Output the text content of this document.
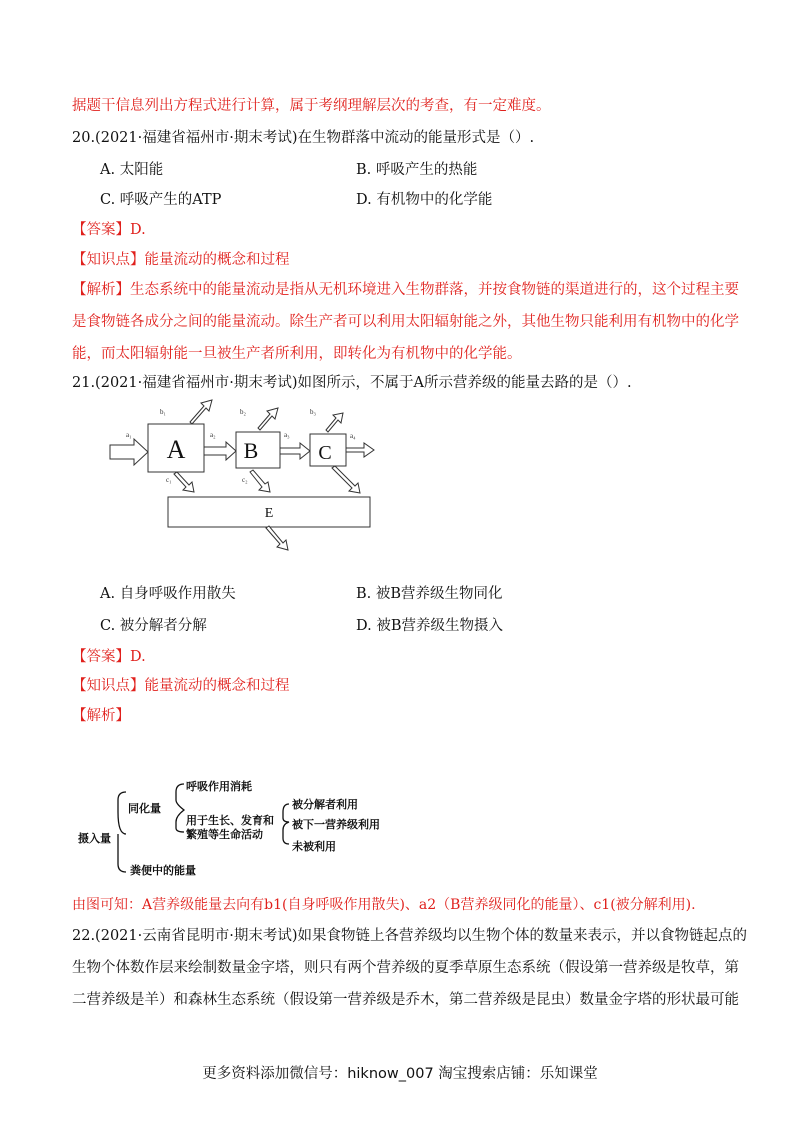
据题干信息列出方程式进行计算，属于考纲理解层次的考查，有一定难度。
20.(2021·福建省福州市·期末考试)在生物群落中流动的能量形式是（）.
A. 太阳能	B. 呼吸产生的热能
C. 呼吸产生的ATP	D. 有机物中的化学能
【答案】D.
【知识点】能量流动的概念和过程
【解析】生态系统中的能量流动是指从无机环境进入生物群落，并按食物链的渠道进行的，这个过程主要
是食物链各成分之间的能量流动。除生产者可以利用太阳辐射能之外，其他生物只能利用有机物中的化学
能，而太阳辐射能一旦被生产者所利用，即转化为有机物中的化学能。
21.(2021·福建省福州市·期末考试)如图所示，不属于A所示营养级的能量去路的是（）.
A	B	C
E
a₁	a₂	a₃	a₄
b₁	b₂	b₃
c₁	c₂
A. 自身呼吸作用散失	B. 被B营养级生物同化
C. 被分解者分解	D. 被B营养级生物摄入
【答案】D.
【知识点】能量流动的概念和过程
【解析】
摄入量
同化量
呼吸作用消耗
用于生长、发育和
繁殖等生命活动
被分解者利用
被下一营养级利用
未被利用
粪便中的能量
由图可知：A营养级能量去向有b1(自身呼吸作用散失)、a2（B营养级同化的能量）、c1(被分解利用).
22.(2021·云南省昆明市·期末考试)如果食物链上各营养级均以生物个体的数量来表示，并以食物链起点的
生物个体数作层来绘制数量金字塔，则只有两个营养级的夏季草原生态系统（假设第一营养级是牧草，第
二营养级是羊）和森林生态系统（假设第一营养级是乔木，第二营养级是昆虫）数量金字塔的形状最可能
更多资料添加微信号：hiknow_007 淘宝搜索店铺：乐知课堂
